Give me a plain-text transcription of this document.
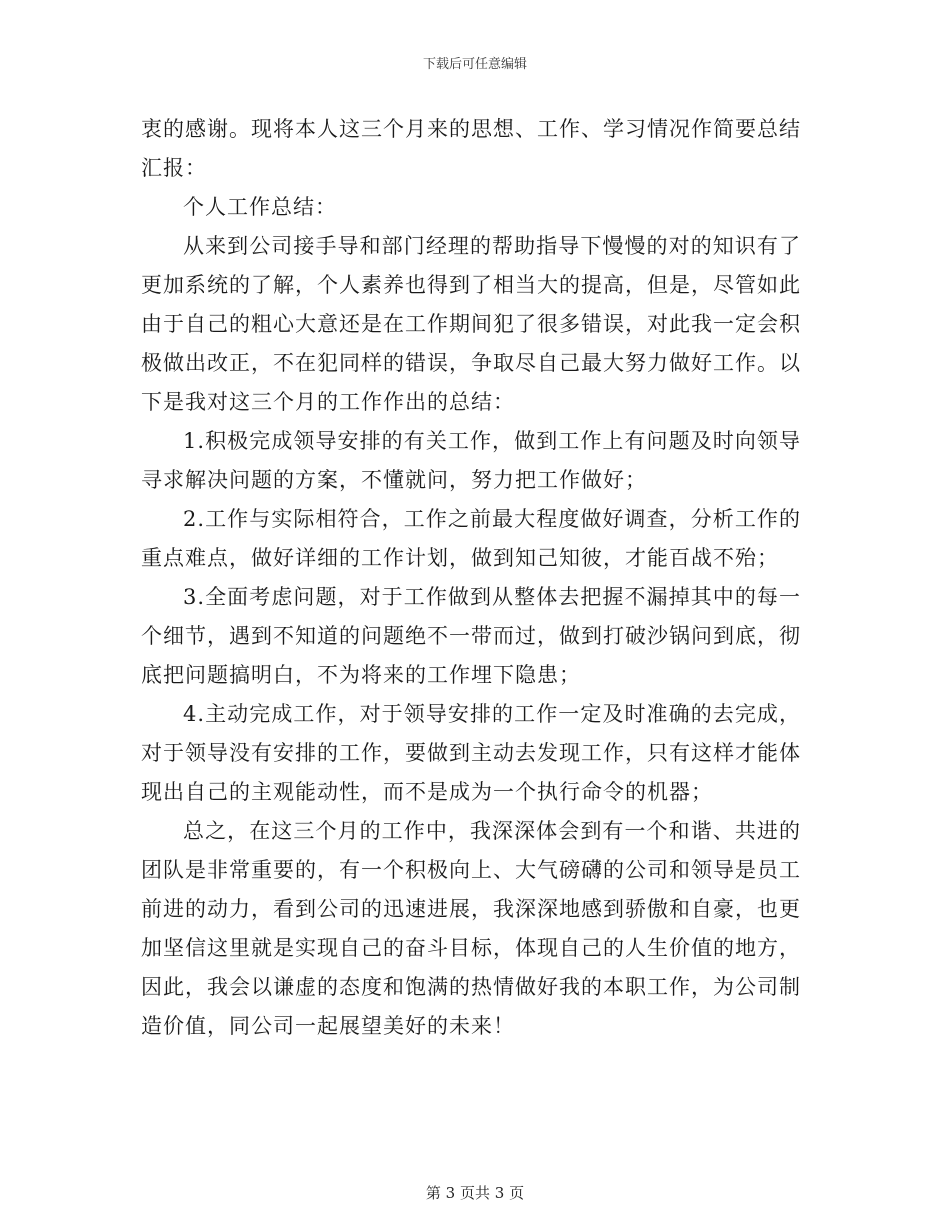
下载后可任意编辑

衷的感谢。现将本人这三个月来的思想、工作、学习情况作简要总结汇报：

个人工作总结：

从来到公司接手导和部门经理的帮助指导下慢慢的对的知识有了更加系统的了解，个人素养也得到了相当大的提高，但是，尽管如此由于自己的粗心大意还是在工作期间犯了很多错误，对此我一定会积极做出改正，不在犯同样的错误，争取尽自己最大努力做好工作。以下是我对这三个月的工作作出的总结：

1.积极完成领导安排的有关工作，做到工作上有问题及时向领导寻求解决问题的方案，不懂就问，努力把工作做好；

2.工作与实际相符合，工作之前最大程度做好调查，分析工作的重点难点，做好详细的工作计划，做到知己知彼，才能百战不殆；

3.全面考虑问题，对于工作做到从整体去把握不漏掉其中的每一个细节，遇到不知道的问题绝不一带而过，做到打破沙锅问到底，彻底把问题搞明白，不为将来的工作埋下隐患；

4.主动完成工作，对于领导安排的工作一定及时准确的去完成，对于领导没有安排的工作，要做到主动去发现工作，只有这样才能体现出自己的主观能动性，而不是成为一个执行命令的机器；

总之，在这三个月的工作中，我深深体会到有一个和谐、共进的团队是非常重要的，有一个积极向上、大气磅礴的公司和领导是员工前进的动力，看到公司的迅速进展，我深深地感到骄傲和自豪，也更加坚信这里就是实现自己的奋斗目标，体现自己的人生价值的地方，因此，我会以谦虚的态度和饱满的热情做好我的本职工作，为公司制造价值，同公司一起展望美好的未来！

第 3 页共 3 页
